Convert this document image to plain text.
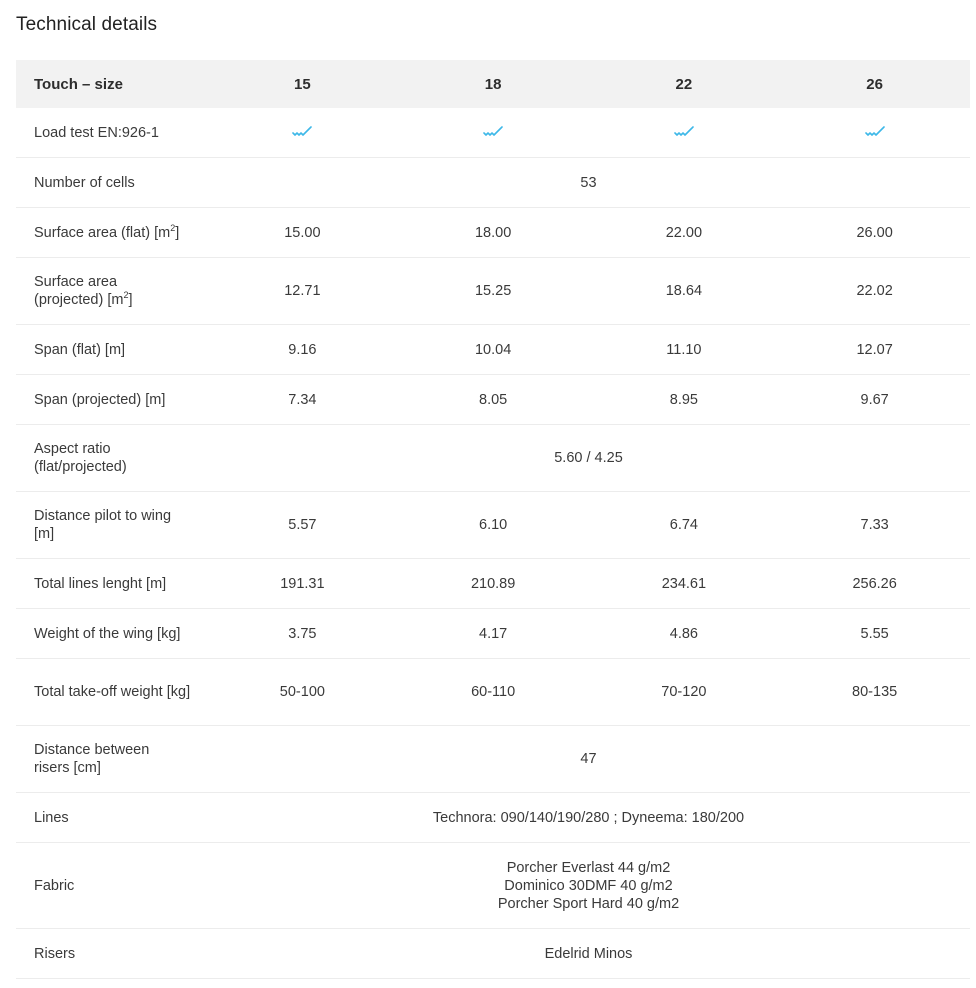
Technical details
Touch – size	15	18	22	26
Load test EN:926-1	

Number of cells	53			
Surface area (flat) $[m^2]$	15.00	18.00	22.00	26.00
Surface area (projected) $[m^2]$	12.71	15.25	18.64	22.02
Span (flat) [m]	9.16	10.04	11.10	12.07
Span (projected) [m]	7.34	8.05	8.95	9.67
Aspect ratio (flat/projected)	5.60 / 4.25			
Distance pilot to wing [m]	5.57	6.10	6.74	7.33
Total lines lenght [m]	191.31	210.89	234.61	256.26
Weight of the wing [kg]	3.75	4.17	4.86	5.55
Total take-off weight [kg]	50-100	60-110	70-120	80-135
Distance between risers [cm]	47			
Lines	Technora: 090/140/190/280 ; Dyneema: 180/200			
Fabric	Porcher Everlast 44 g/m2
Dominico 30DMF 40 g/m2
Porcher Sport Hard 40 g/m2			

Risers	Edelrid Minos			
